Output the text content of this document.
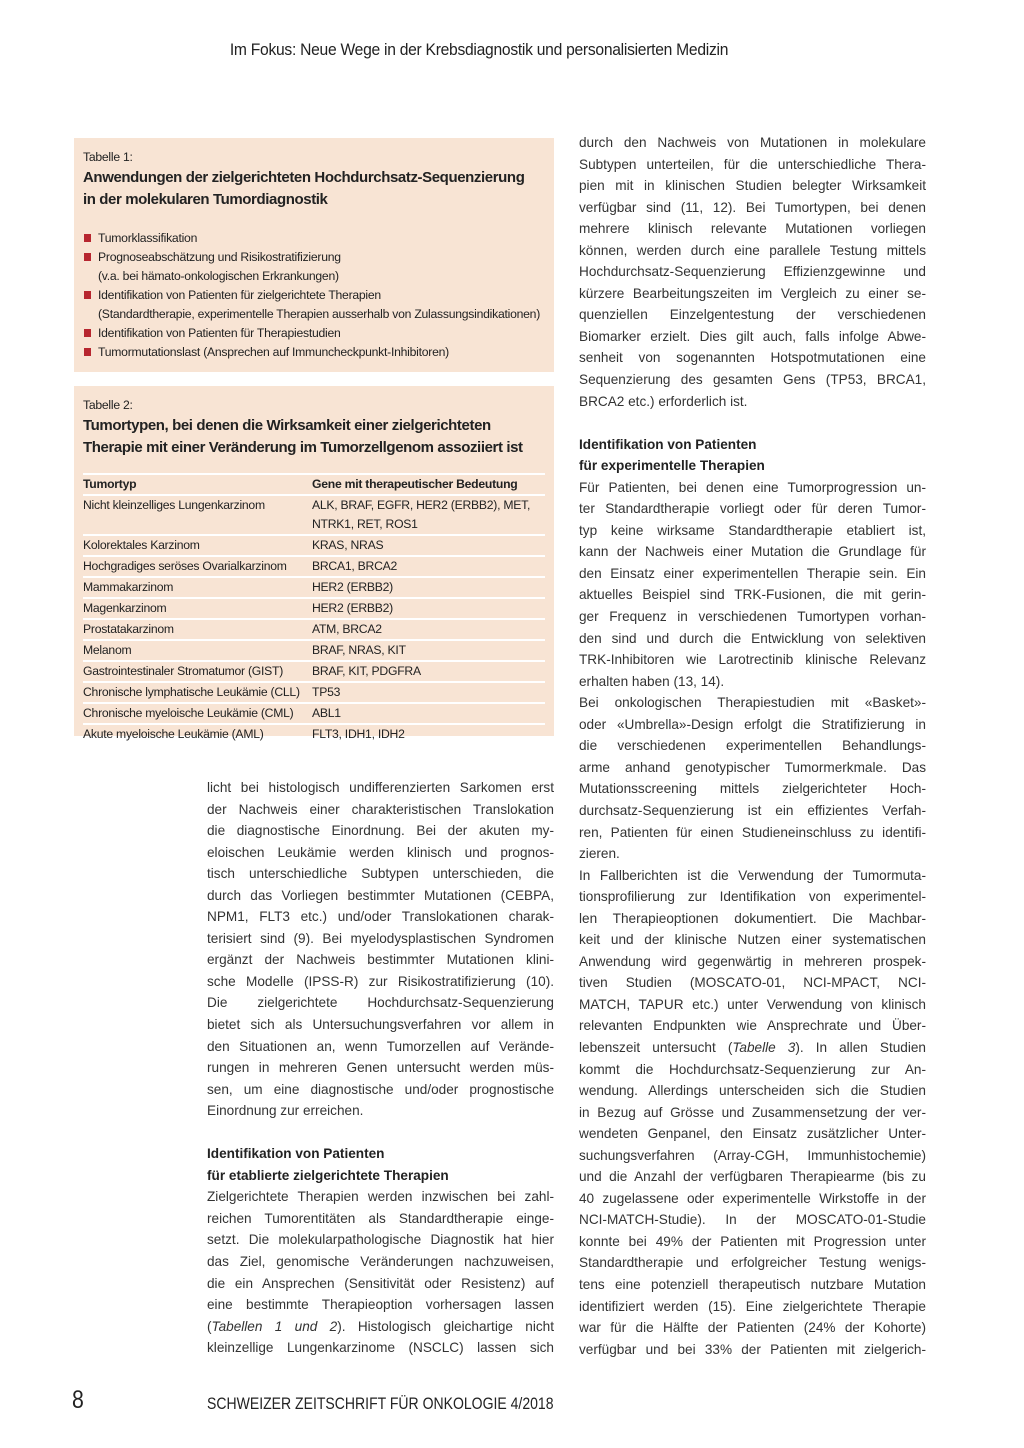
Im Fokus: Neue Wege in der Krebsdiagnostik und personalisierten Medizin
Tabelle 1:
Anwendungen der zielgerichteten Hochdurchsatz-Sequenzierung
in der molekularen Tumordiagnostik
Tumorklassifikation
Prognoseabschätzung und Risikostratifizierung
(v.a. bei hämato-onkologischen Erkrankungen)
Identifikation von Patienten für zielgerichtete Therapien
(Standardtherapie, experimentelle Therapien ausserhalb von Zulassungsindikationen)
Identifikation von Patienten für Therapiestudien
Tumormutationslast (Ansprechen auf Immuncheckpunkt-Inhibitoren)
Tabelle 2:
Tumortypen, bei denen die Wirksamkeit einer zielgerichteten
Therapie mit einer Veränderung im Tumorzellgenom assoziiert ist
Tumortyp	Gene mit therapeutischer Bedeutung
Nicht kleinzelliges Lungenkarzinom	ALK, BRAF, EGFR, HER2 (ERBB2), MET, NTRK1, RET, ROS1
Kolorektales Karzinom	KRAS, NRAS
Hochgradiges seröses Ovarialkarzinom	BRCA1, BRCA2
Mammakarzinom	HER2 (ERBB2)
Magenkarzinom	HER2 (ERBB2)
Prostatakarzinom	ATM, BRCA2
Melanom	BRAF, NRAS, KIT
Gastrointestinaler Stromatumor (GIST)	BRAF, KIT, PDGFRA
Chronische lymphatische Leukämie (CLL)	TP53
Chronische myeloische Leukämie (CML)	ABL1
Akute myeloische Leukämie (AML)	FLT3, IDH1, IDH2
licht bei histologisch undifferenzierten Sarkomen erst
der Nachweis einer charakteristischen Translokation
die diagnostische Einordnung. Bei der akuten my-
eloischen Leukämie werden klinisch und prognos-
tisch unterschiedliche Subtypen unterschieden, die
durch das Vorliegen bestimmter Mutationen (CEBPA,
NPM1, FLT3 etc.) und/oder Translokationen charak-
terisiert sind (9). Bei myelodysplastischen Syndromen
ergänzt der Nachweis bestimmter Mutationen klini-
sche Modelle (IPSS-R) zur Risikostratifizierung (10).
Die zielgerichtete Hochdurchsatz-Sequenzierung
bietet sich als Untersuchungsverfahren vor allem in
den Situationen an, wenn Tumorzellen auf Verände-
rungen in mehreren Genen untersucht werden müs-
sen, um eine diagnostische und/oder prognostische
Einordnung zur erreichen.
Identifikation von Patienten
für etablierte zielgerichtete Therapien
Zielgerichtete Therapien werden inzwischen bei zahl-
reichen Tumorentitäten als Standardtherapie einge-
setzt. Die molekularpathologische Diagnostik hat hier
das Ziel, genomische Veränderungen nachzuweisen,
die ein Ansprechen (Sensitivität oder Resistenz) auf
eine bestimmte Therapieoption vorhersagen lassen
(Tabellen 1 und 2). Histologisch gleichartige nicht
kleinzellige Lungenkarzinome (NSCLC) lassen sich
durch den Nachweis von Mutationen in molekulare
Subtypen unterteilen, für die unterschiedliche Thera-
pien mit in klinischen Studien belegter Wirksamkeit
verfügbar sind (11, 12). Bei Tumortypen, bei denen
mehrere klinisch relevante Mutationen vorliegen
können, werden durch eine parallele Testung mittels
Hochdurchsatz-Sequenzierung Effizienzgewinne und
kürzere Bearbeitungszeiten im Vergleich zu einer se-
quenziellen Einzelgentestung der verschiedenen
Biomarker erzielt. Dies gilt auch, falls infolge Abwe-
senheit von sogenannten Hotspotmutationen eine
Sequenzierung des gesamten Gens (TP53, BRCA1,
BRCA2 etc.) erforderlich ist.
Identifikation von Patienten
für experimentelle Therapien
Für Patienten, bei denen eine Tumorprogression un-
ter Standardtherapie vorliegt oder für deren Tumor-
typ keine wirksame Standardtherapie etabliert ist,
kann der Nachweis einer Mutation die Grundlage für
den Einsatz einer experimentellen Therapie sein. Ein
aktuelles Beispiel sind TRK-Fusionen, die mit gerin-
ger Frequenz in verschiedenen Tumortypen vorhan-
den sind und durch die Entwicklung von selektiven
TRK-Inhibitoren wie Larotrectinib klinische Relevanz
erhalten haben (13, 14).
Bei onkologischen Therapiestudien mit «Basket»-
oder «Umbrella»-Design erfolgt die Stratifizierung in
die verschiedenen experimentellen Behandlungs-
arme anhand genotypischer Tumormerkmale. Das
Mutationsscreening mittels zielgerichteter Hoch-
durchsatz-Sequenzierung ist ein effizientes Verfah-
ren, Patienten für einen Studieneinschluss zu identifi-
zieren.
In Fallberichten ist die Verwendung der Tumormuta-
tionsprofilierung zur Identifikation von experimentel-
len Therapieoptionen dokumentiert. Die Machbar-
keit und der klinische Nutzen einer systematischen
Anwendung wird gegenwärtig in mehreren prospek-
tiven Studien (MOSCATO-01, NCI-MPACT, NCI-
MATCH, TAPUR etc.) unter Verwendung von klinisch
relevanten Endpunkten wie Ansprechrate und Über-
lebenszeit untersucht (Tabelle 3). In allen Studien
kommt die Hochdurchsatz-Sequenzierung zur An-
wendung. Allerdings unterscheiden sich die Studien
in Bezug auf Grösse und Zusammensetzung der ver-
wendeten Genpanel, den Einsatz zusätzlicher Unter-
suchungsverfahren (Array-CGH, Immunhistochemie)
und die Anzahl der verfügbaren Therapiearme (bis zu
40 zugelassene oder experimentelle Wirkstoffe in der
NCI-MATCH-Studie). In der MOSCATO-01-Studie
konnte bei 49% der Patienten mit Progression unter
Standardtherapie und erfolgreicher Testung wenigs-
tens eine potenziell therapeutisch nutzbare Mutation
identifiziert werden (15). Eine zielgerichtete Therapie
war für die Hälfte der Patienten (24% der Kohorte)
verfügbar und bei 33% der Patienten mit zielgerich-
8	SCHWEIZER ZEITSCHRIFT FÜR ONKOLOGIE 4/2018
